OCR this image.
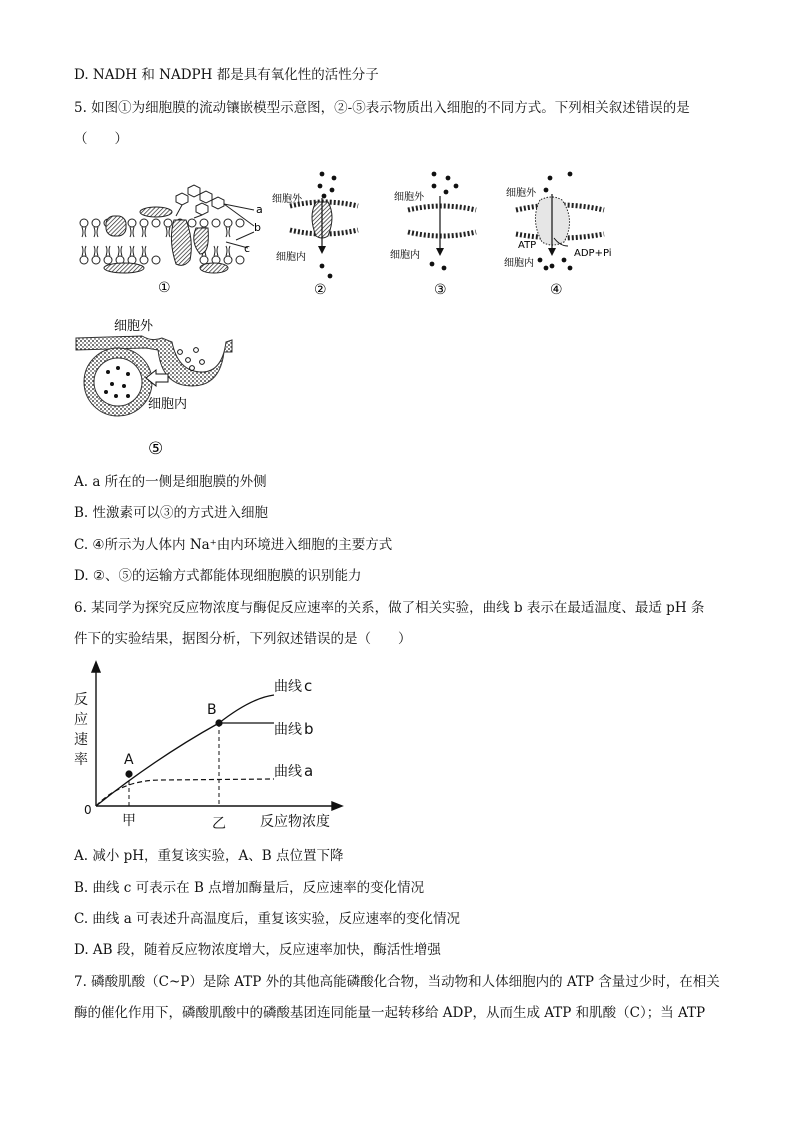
D. NADH 和 NADPH 都是具有氧化性的活性分子
5. 如图①为细胞膜的流动镶嵌模型示意图，②-⑤表示物质出入细胞的不同方式。下列相关叙述错误的是
（　　）
a
b
c
①
细胞外
细胞内
②
细胞外
细胞内
③
细胞外
ATP
ADP+Pi
细胞内
④
细胞外
细胞内
⑤
A. a 所在的一侧是细胞膜的外侧
B. 性激素可以③的方式进入细胞
C. ④所示为人体内 Na⁺由内环境进入细胞的主要方式
D. ②、⑤的运输方式都能体现细胞膜的识别能力
6. 某同学为探究反应物浓度与酶促反应速率的关系，做了相关实验，曲线 b 表示在最适温度、最适 pH 条
件下的实验结果，据图分析，下列叙述错误的是（　　）
反
应
速
率
0
甲	乙 反应物浓度
A
B
曲线 c
曲线 b
曲线 a
A. 减小 pH，重复该实验，A、B 点位置下降
B. 曲线 c 可表示在 B 点增加酶量后，反应速率的变化情况
C. 曲线 a 可表述升高温度后，重复该实验，反应速率的变化情况
D. AB 段，随着反应物浓度增大，反应速率加快，酶活性增强
7. 磷酸肌酸（C~P）是除 ATP 外的其他高能磷酸化合物，当动物和人体细胞内的 ATP 含量过少时，在相关
酶的催化作用下，磷酸肌酸中的磷酸基团连同能量一起转移给 ADP，从而生成 ATP 和肌酸（C）；当 ATP
